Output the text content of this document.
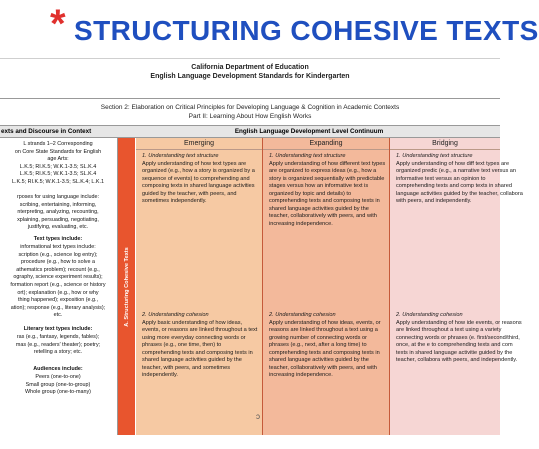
* STRUCTURING COHESIVE TEXTS
California Department of Education
English Language Development Standards for Kindergarten
Section 2: Elaboration on Critical Principles for Developing Language & Cognition in Academic Contexts
Part II: Learning About How English Works
exts and Discourse in Context
L strands 1–2 Corresponding
on Core State Standards for English
age Arts:
L.K.5; RI.K.5; W.K.1-3.5; SL.K.4
L.K.5; RI.K.5; W.K.1-3.5; SL.K.4
L.K.5; RI.K.5; W.K.1-3.5; SL.K.4; L.K.1
rposes for using language include:
scribing, entertaining, informing,
nterpreting, analyzing, recounting,
xplaining, persuading, negotiating,
justifying, evaluating, etc.
Text types include:
informational text types include:
scription (e.g., science log entry);
procedure (e.g., how to solve a
athematics problem); recount (e.g.,
ography, science experiment results);
formation report (e.g., science or history
ort); explanation (e.g., how or why
thing happened); exposition (e.g.,
ation); response (e.g., literary analysis);
etc.
Literary text types include:
ras (e.g., fantasy, legends, fables);
mas (e.g., readers' theater); poetry;
retelling a story; etc.
Audiences include:
Peers (one-to-one)
Small group (one-to-group)
Whole group (one-to-many)
English Language Development Level Continuum
A. Structuring Cohesive Texts
Emerging
1. Understanding text structure
Apply understanding of how text types are organized (e.g., how a story is organized by a sequence of events) to comprehending and composing texts in shared language activities guided by the teacher, with peers, and sometimes independently.
2. Understanding cohesion
Apply basic understanding of how ideas, events, or reasons are linked throughout a text using more everyday connecting words or phrases (e.g., one time, then) to comprehending texts and composing texts in shared language activities guided by the teacher, with peers, and sometimes independently.
Expanding
1. Understanding text structure
Apply understanding of how different text types are organized to express ideas (e.g., how a story is organized sequentially with predictable stages versus how an informative text is organized by topic and details) to comprehending texts and composing texts in shared language activities guided by the teacher, collaboratively with peers, and with increasing independence.
2. Understanding cohesion
Apply understanding of how ideas, events, or reasons are linked throughout a text using a growing number of connecting words or phrases (e.g., next, after a long time) to comprehending texts and composing texts in shared language activities guided by the teacher, collaboratively with peers, and with increasing independence.
Bridging
1. Understanding text structure
Apply understanding of how diff text types are organized predic (e.g., a narrative text versus an informative text versus an opinion to comprehending texts and comp texts in shared language activities guided by the teacher, collabora with peers, and independently.
2. Understanding cohesion
Apply understanding of how ide events, or reasons are linked throughout a text using a variety connecting words or phrases (e. first/second/third, once, at the e to comprehending texts and com texts in shared language activitie guided by the teacher, collabora with peers, and independently.
ɔ
